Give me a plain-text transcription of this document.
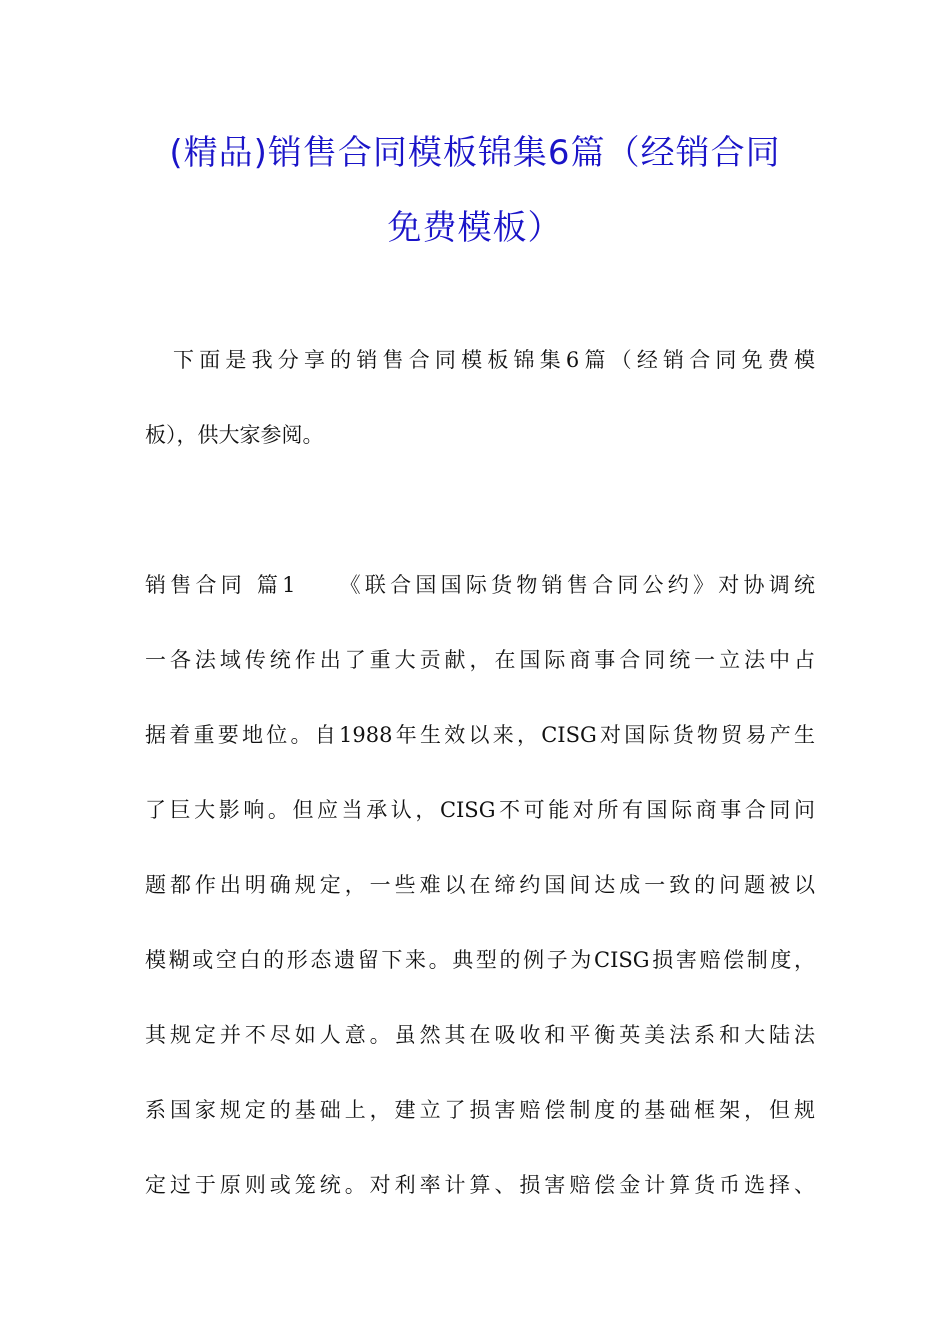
(精品)销售合同模板锦集6篇（经销合同
免费模板）
下面是我分享的销售合同模板锦集6篇（经销合同免费模
板），供大家参阅。
销售合同 篇1　　《联合国国际货物销售合同公约》对协调统
一各法域传统作出了重大贡献，在国际商事合同统一立法中占
据着重要地位。自1988年生效以来，CISG对国际货物贸易产生
了巨大影响。但应当承认，CISG不可能对所有国际商事合同问
题都作出明确规定，一些难以在缔约国间达成一致的问题被以
模糊或空白的形态遗留下来。典型的例子为CISG损害赔偿制度，
其规定并不尽如人意。虽然其在吸收和平衡英美法系和大陆法
系国家规定的基础上，建立了损害赔偿制度的基础框架，但规
定过于原则或笼统。对利率计算、损害赔偿金计算货币选择、
